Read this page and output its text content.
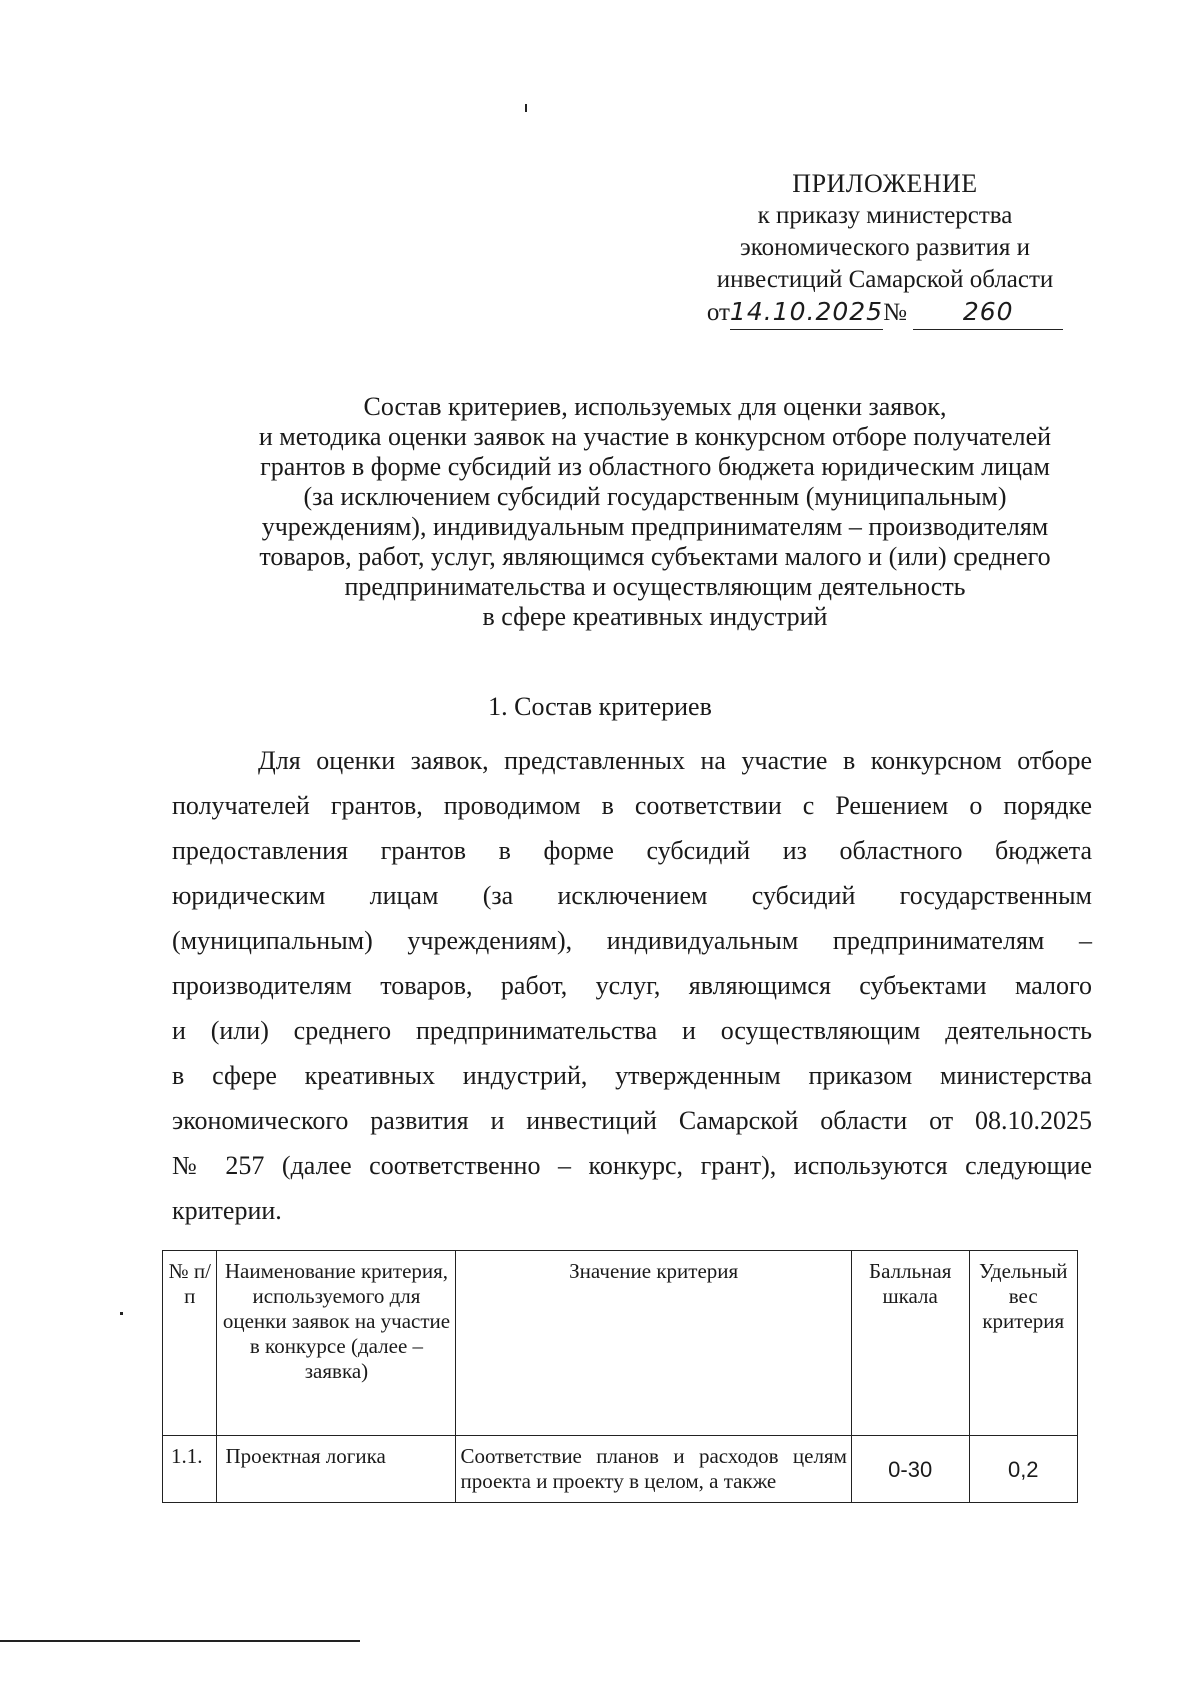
ПРИЛОЖЕНИЕ
к приказу министерства
экономического развития и
инвестиций Самарской области
от14.10.2025№ 260
Состав критериев, используемых для оценки заявок,
и методика оценки заявок на участие в конкурсном отборе получателей
грантов в форме субсидий из областного бюджета юридическим лицам
(за исключением субсидий государственным (муниципальным)
учреждениям), индивидуальным предпринимателям – производителям
товаров, работ, услуг, являющимся субъектами малого и (или) среднего
предпринимательства и осуществляющим деятельность
в сфере креативных индустрий
1. Состав критериев
Для оценки заявок, представленных на участие в конкурсном отборе
получателей грантов, проводимом в соответствии с Решением о порядке
предоставления грантов в форме субсидий из областного бюджета
юридическим лицам (за исключением субсидий государственным
(муниципальным) учреждениям), индивидуальным предпринимателям –
производителям товаров, работ, услуг, являющимся субъектами малого
и (или) среднего предпринимательства и осуществляющим деятельность
в сфере креативных индустрий, утвержденным приказом министерства
экономического развития и инвестиций Самарской области от 08.10.2025
№ 257 (далее соответственно – конкурс, грант), используются следующие
критерии.
№ п/п	Наименование критерия, используемого для оценки заявок на участие в конкурсе (далее – заявка)	Значение критерия	Балльная шкала	Удельный вес критерия
1.1.	Проектная логика	Соответствие планов и расходов целям проекта и проекту в целом, а также	0-30	0,2
